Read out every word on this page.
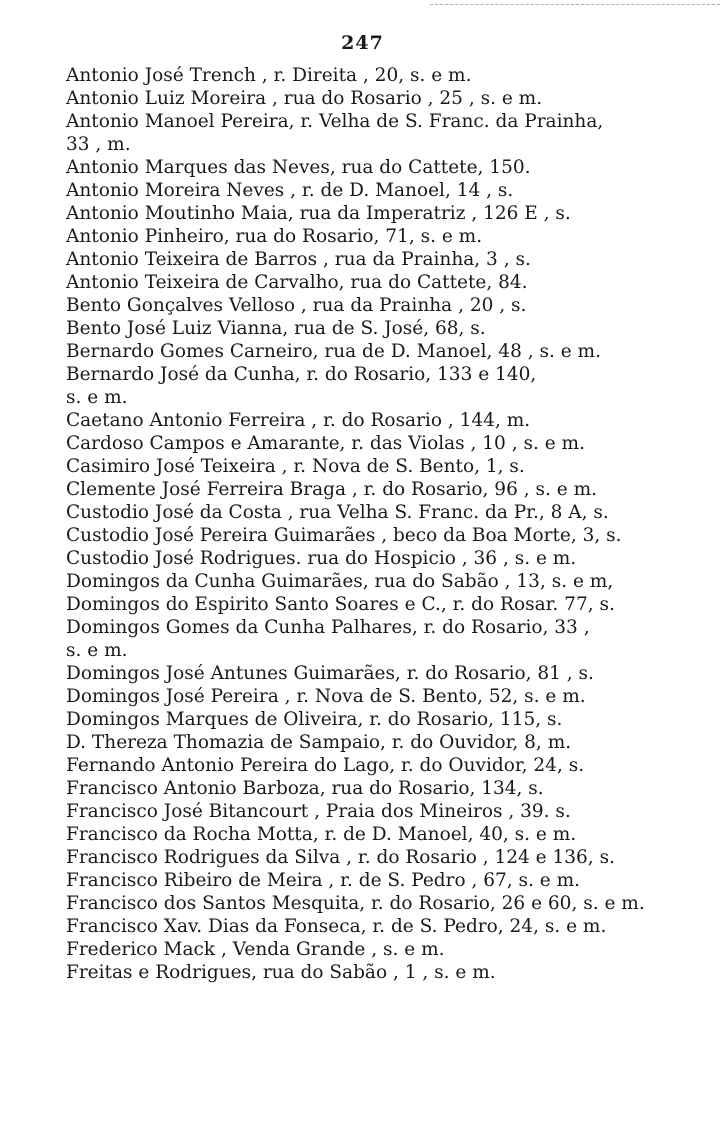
247

Antonio José Trench , r. Direita , 20, s. e m.

Antonio Luiz Moreira , rua do Rosario , 25 , s. e m.

Antonio Manoel Pereira, r. Velha de S. Franc. da Prainha,
33 , m.

Antonio Marques das Neves, rua do Cattete, 150.

Antonio Moreira Neves , r. de D. Manoel, 14 , s.

Antonio Moutinho Maia, rua da Imperatriz , 126 E , s.

Antonio Pinheiro, rua do Rosario, 71, s. e m.

Antonio Teixeira de Barros , rua da Prainha, 3 , s.

Antonio Teixeira de Carvalho, rua do Cattete, 84.

Bento Gonçalves Velloso , rua da Prainha , 20 , s.

Bento José Luiz Vianna, rua de S. José, 68, s.

Bernardo Gomes Carneiro, rua de D. Manoel, 48 , s. e m.

Bernardo José da Cunha, r. do Rosario, 133 e 140,
s. e m.

Caetano Antonio Ferreira , r. do Rosario , 144, m.

Cardoso Campos e Amarante, r. das Violas , 10 , s. e m.

Casimiro José Teixeira , r. Nova de S. Bento, 1, s.

Clemente José Ferreira Braga , r. do Rosario, 96 , s. e m.

Custodio José da Costa , rua Velha S. Franc. da Pr., 8 A, s.

Custodio José Pereira Guimarães , beco da Boa Morte, 3, s.

Custodio José Rodrigues. rua do Hospicio , 36 , s. e m.

Domingos da Cunha Guimarães, rua do Sabão , 13, s. e m,

Domingos do Espirito Santo Soares e C., r. do Rosar. 77, s.

Domingos Gomes da Cunha Palhares, r. do Rosario, 33 ,
s. e m.

Domingos José Antunes Guimarães, r. do Rosario, 81 , s.

Domingos José Pereira , r. Nova de S. Bento, 52, s. e m.

Domingos Marques de Oliveira, r. do Rosario, 115, s.

D. Thereza Thomazia de Sampaio, r. do Ouvidor, 8, m.

Fernando Antonio Pereira do Lago, r. do Ouvidor, 24, s.

Francisco Antonio Barboza, rua do Rosario, 134, s.

Francisco José Bitancourt , Praia dos Mineiros , 39. s.

Francisco da Rocha Motta, r. de D. Manoel, 40, s. e m.

Francisco Rodrigues da Silva , r. do Rosario , 124 e 136, s.

Francisco Ribeiro de Meira , r. de S. Pedro , 67, s. e m.

Francisco dos Santos Mesquita, r. do Rosario, 26 e 60, s. e m.

Francisco Xav. Dias da Fonseca, r. de S. Pedro, 24, s. e m.

Frederico Mack , Venda Grande , s. e m.

Freitas e Rodrigues, rua do Sabão , 1 , s. e m.
